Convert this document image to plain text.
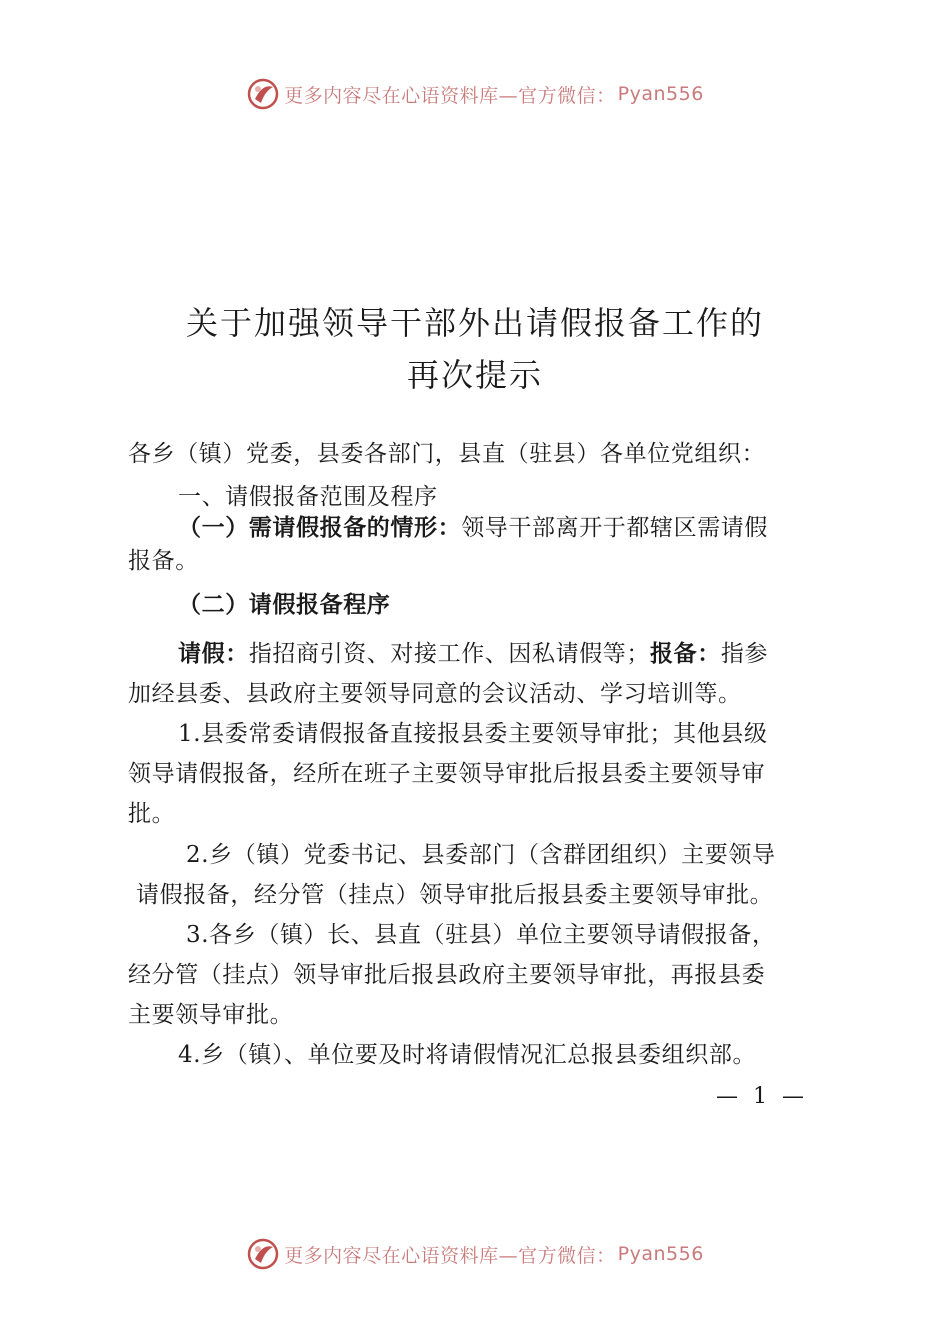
更多内容尽在心语资料库—官方微信： Pyan556
关于加强领导干部外出请假报备工作的
再次提示
各乡（镇）党委，县委各部门，县直（驻县）各单位党组织：
一、请假报备范围及程序
（一）需请假报备的情形：领导干部离开于都辖区需请假
报备。
（二）请假报备程序
请假：指招商引资、对接工作、因私请假等；报备：指参
加经县委、县政府主要领导同意的会议活动、学习培训等。
1.县委常委请假报备直接报县委主要领导审批；其他县级
领导请假报备，经所在班子主要领导审批后报县委主要领导审
批。
2.乡（镇）党委书记、县委部门（含群团组织）主要领导
请假报备，经分管（挂点）领导审批后报县委主要领导审批。
3.各乡（镇）长、县直（驻县）单位主要领导请假报备，
经分管（挂点）领导审批后报县政府主要领导审批，再报县委
主要领导审批。
4.乡（镇）、单位要及时将请假情况汇总报县委组织部。
— 1 —
更多内容尽在心语资料库—官方微信： Pyan556
